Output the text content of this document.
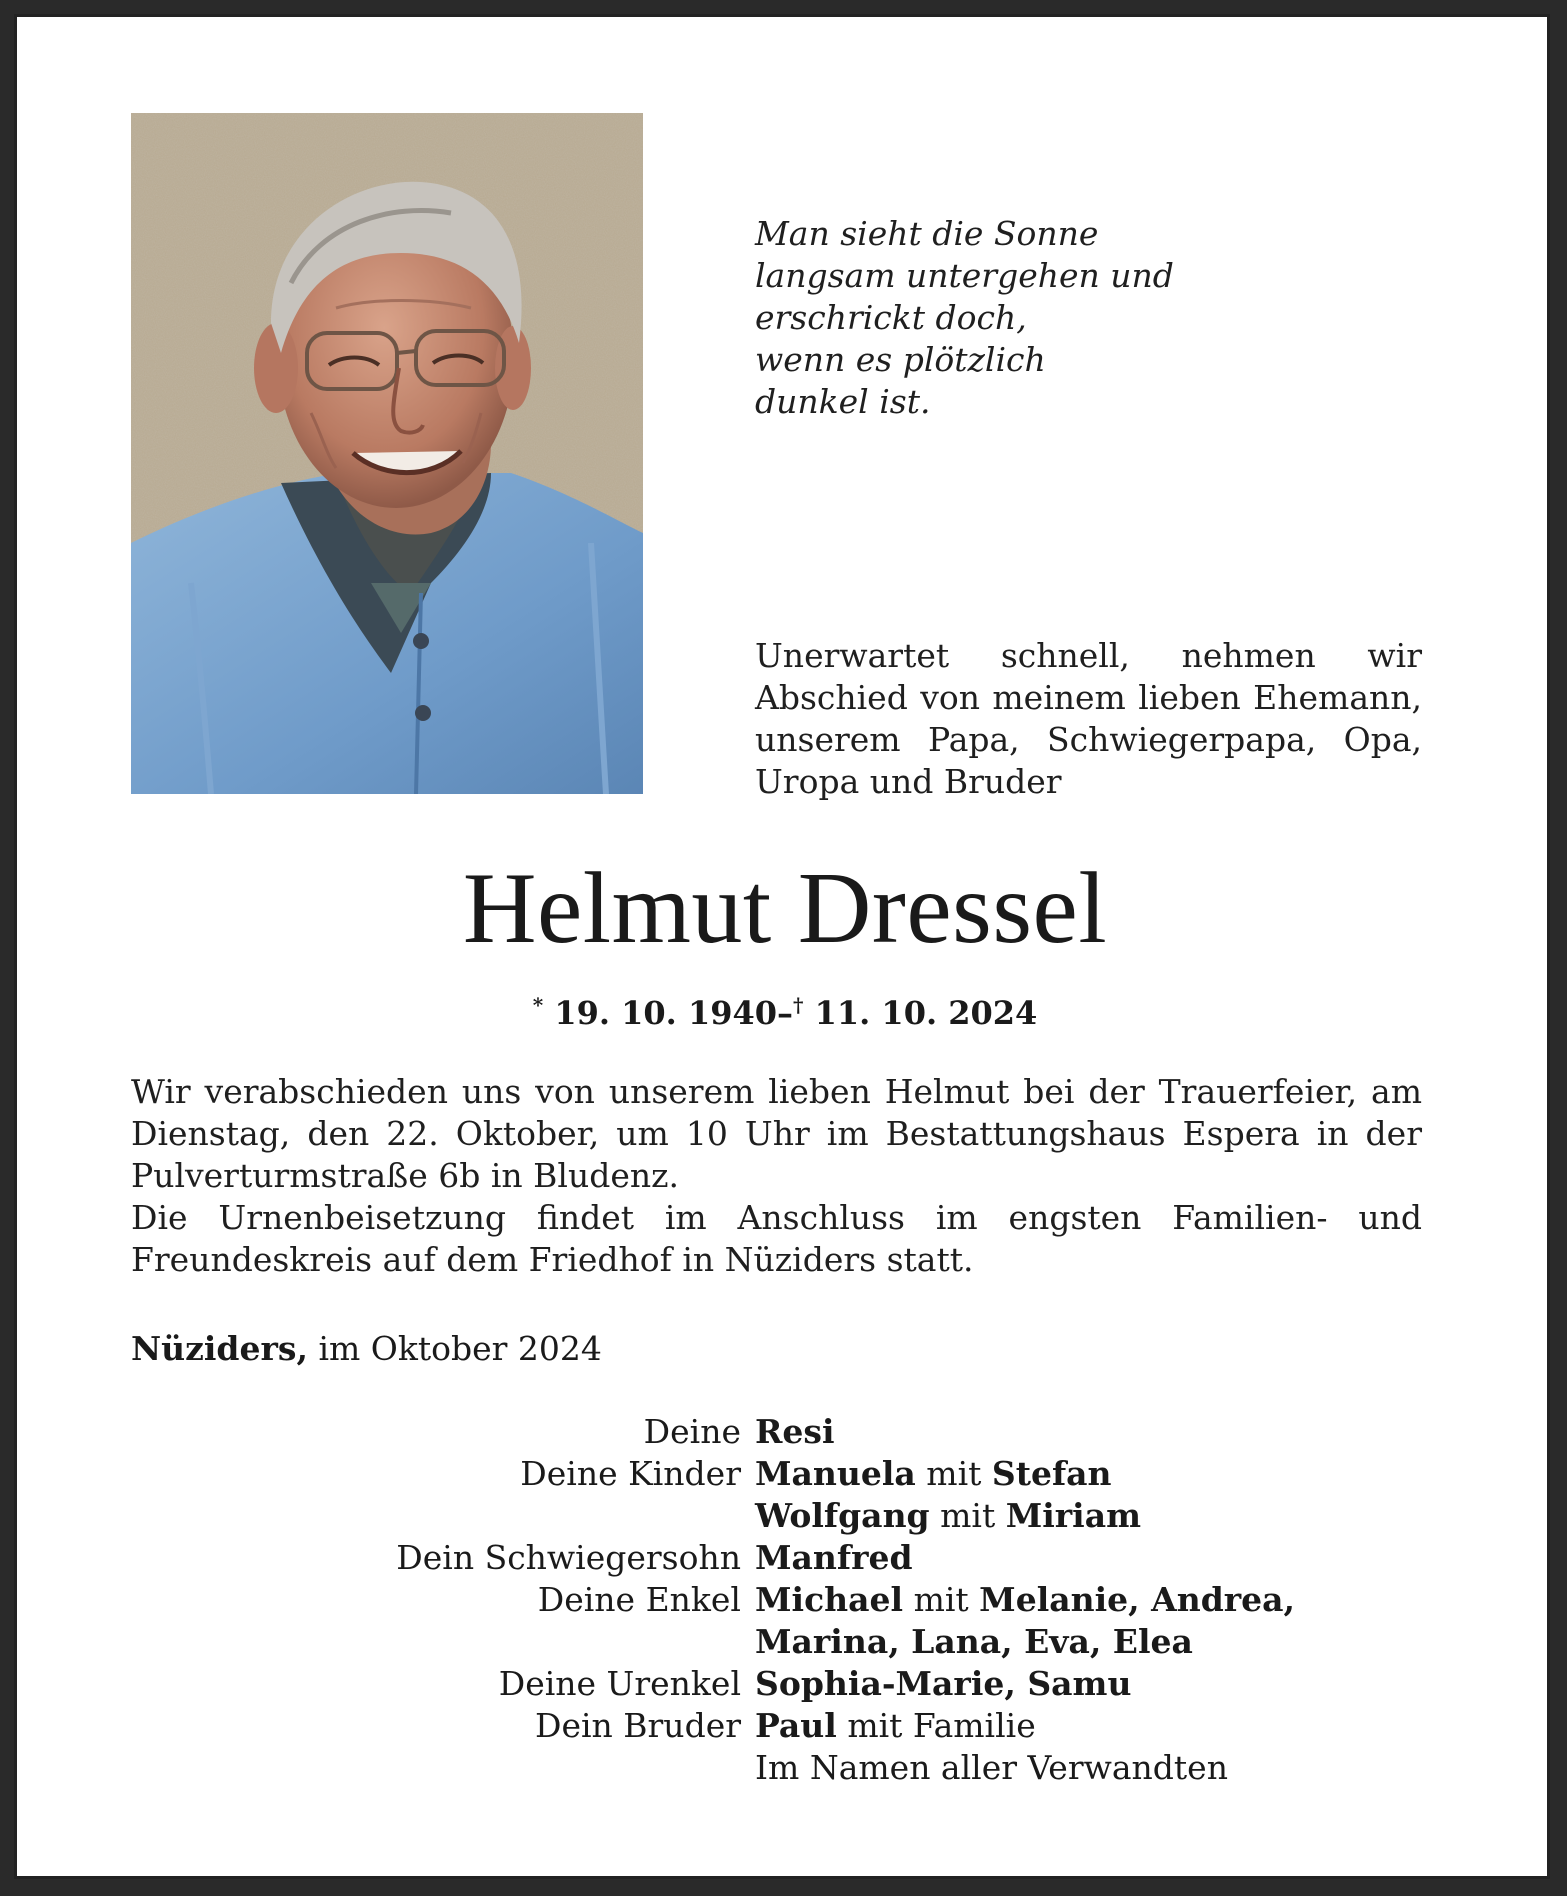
Man sieht die Sonne
langsam untergehen und
erschrickt doch,
wenn es plötzlich
dunkel ist.
Unerwartet schnell, nehmen wir Abschied von meinem lieben Ehemann, unserem Papa, Schwiegerpapa, Opa, Uropa und Bruder
Helmut Dressel
* 19. 10. 1940–† 11. 10. 2024

Wir verabschieden uns von unserem lieben Helmut bei der Trauerfeier, am Dienstag, den 22. Oktober, um 10 Uhr im Bestattungshaus Espera in der Pulverturmstraße 6b in Bludenz.

Die Urnenbeisetzung findet im Anschluss im engsten Familien- und Freundeskreis auf dem Friedhof in Nüziders statt.

Nüziders, im Oktober 2024
Deine Resi
Deine Kinder Manuela mit Stefan
Wolfgang mit Miriam
Dein Schwiegersohn Manfred
Deine Enkel Michael mit Melanie, Andrea,
Marina, Lana, Eva, Elea
Deine Urenkel Sophia-Marie, Samu
Dein Bruder Paul mit Familie
Im Namen aller Verwandten
